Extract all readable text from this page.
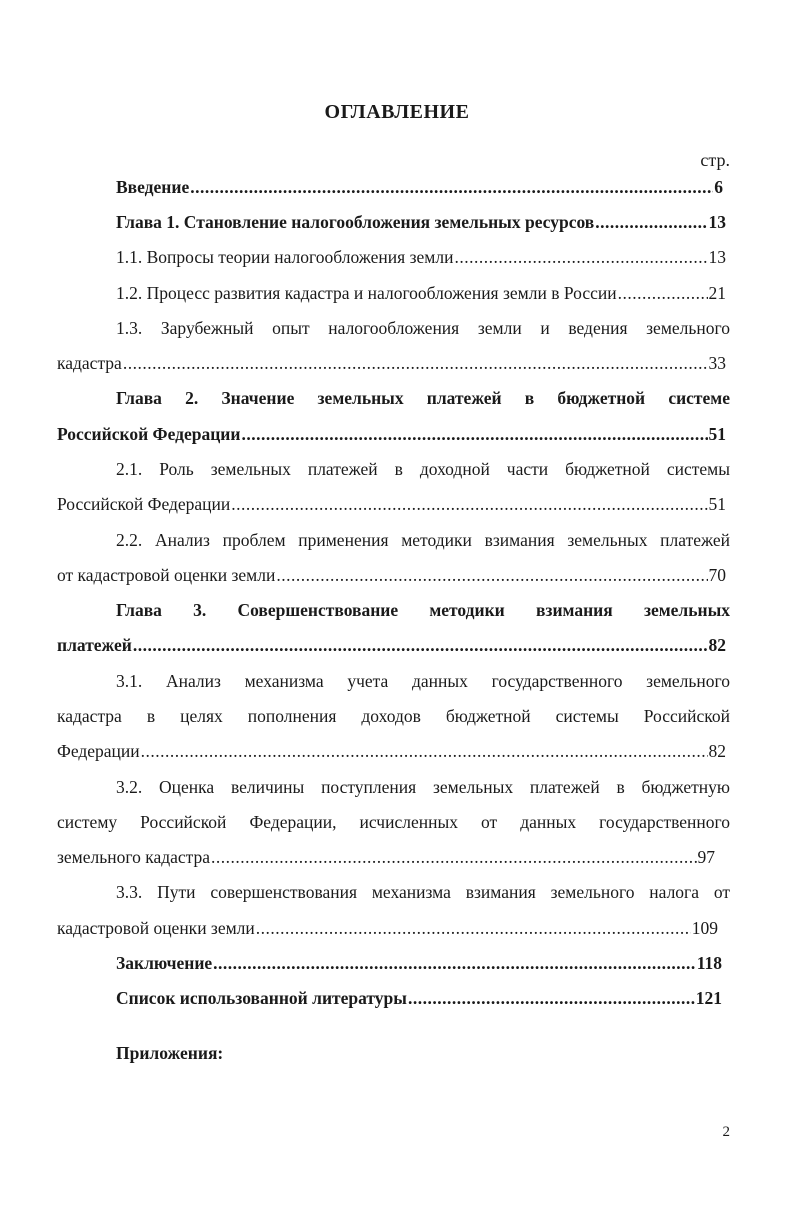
ОГЛАВЛЕНИЕ
стр.
Введение .....	6
Глава 1. Становление налогообложения земельных ресурсов .....	13
1.1. Вопросы теории налогообложения земли .....	13
1.2. Процесс развития кадастра и налогообложения земли в России .....	21
1.3. Зарубежный опыт налогообложения земли и ведения земельного
кадастра .....	33
Глава 2. Значение земельных платежей в бюджетной системе
Российской Федерации .....	51
2.1. Роль земельных платежей в доходной части бюджетной системы
Российской Федерации .....	51
2.2. Анализ проблем применения методики взимания земельных платежей
от кадастровой оценки земли .....	70
Глава 3. Совершенствование методики взимания земельных
платежей .....	82
3.1. Анализ механизма учета данных государственного земельного
кадастра в целях пополнения доходов бюджетной системы Российской
Федерации .....	82
3.2. Оценка величины поступления земельных платежей в бюджетную
систему Российской Федерации, исчисленных от данных государственного
земельного кадастра .....	97
3.3. Пути совершенствования механизма взимания земельного налога от
кадастровой оценки земли .....	109
Заключение .....	118
Список использованной литературы .....	121
Приложения:
2
